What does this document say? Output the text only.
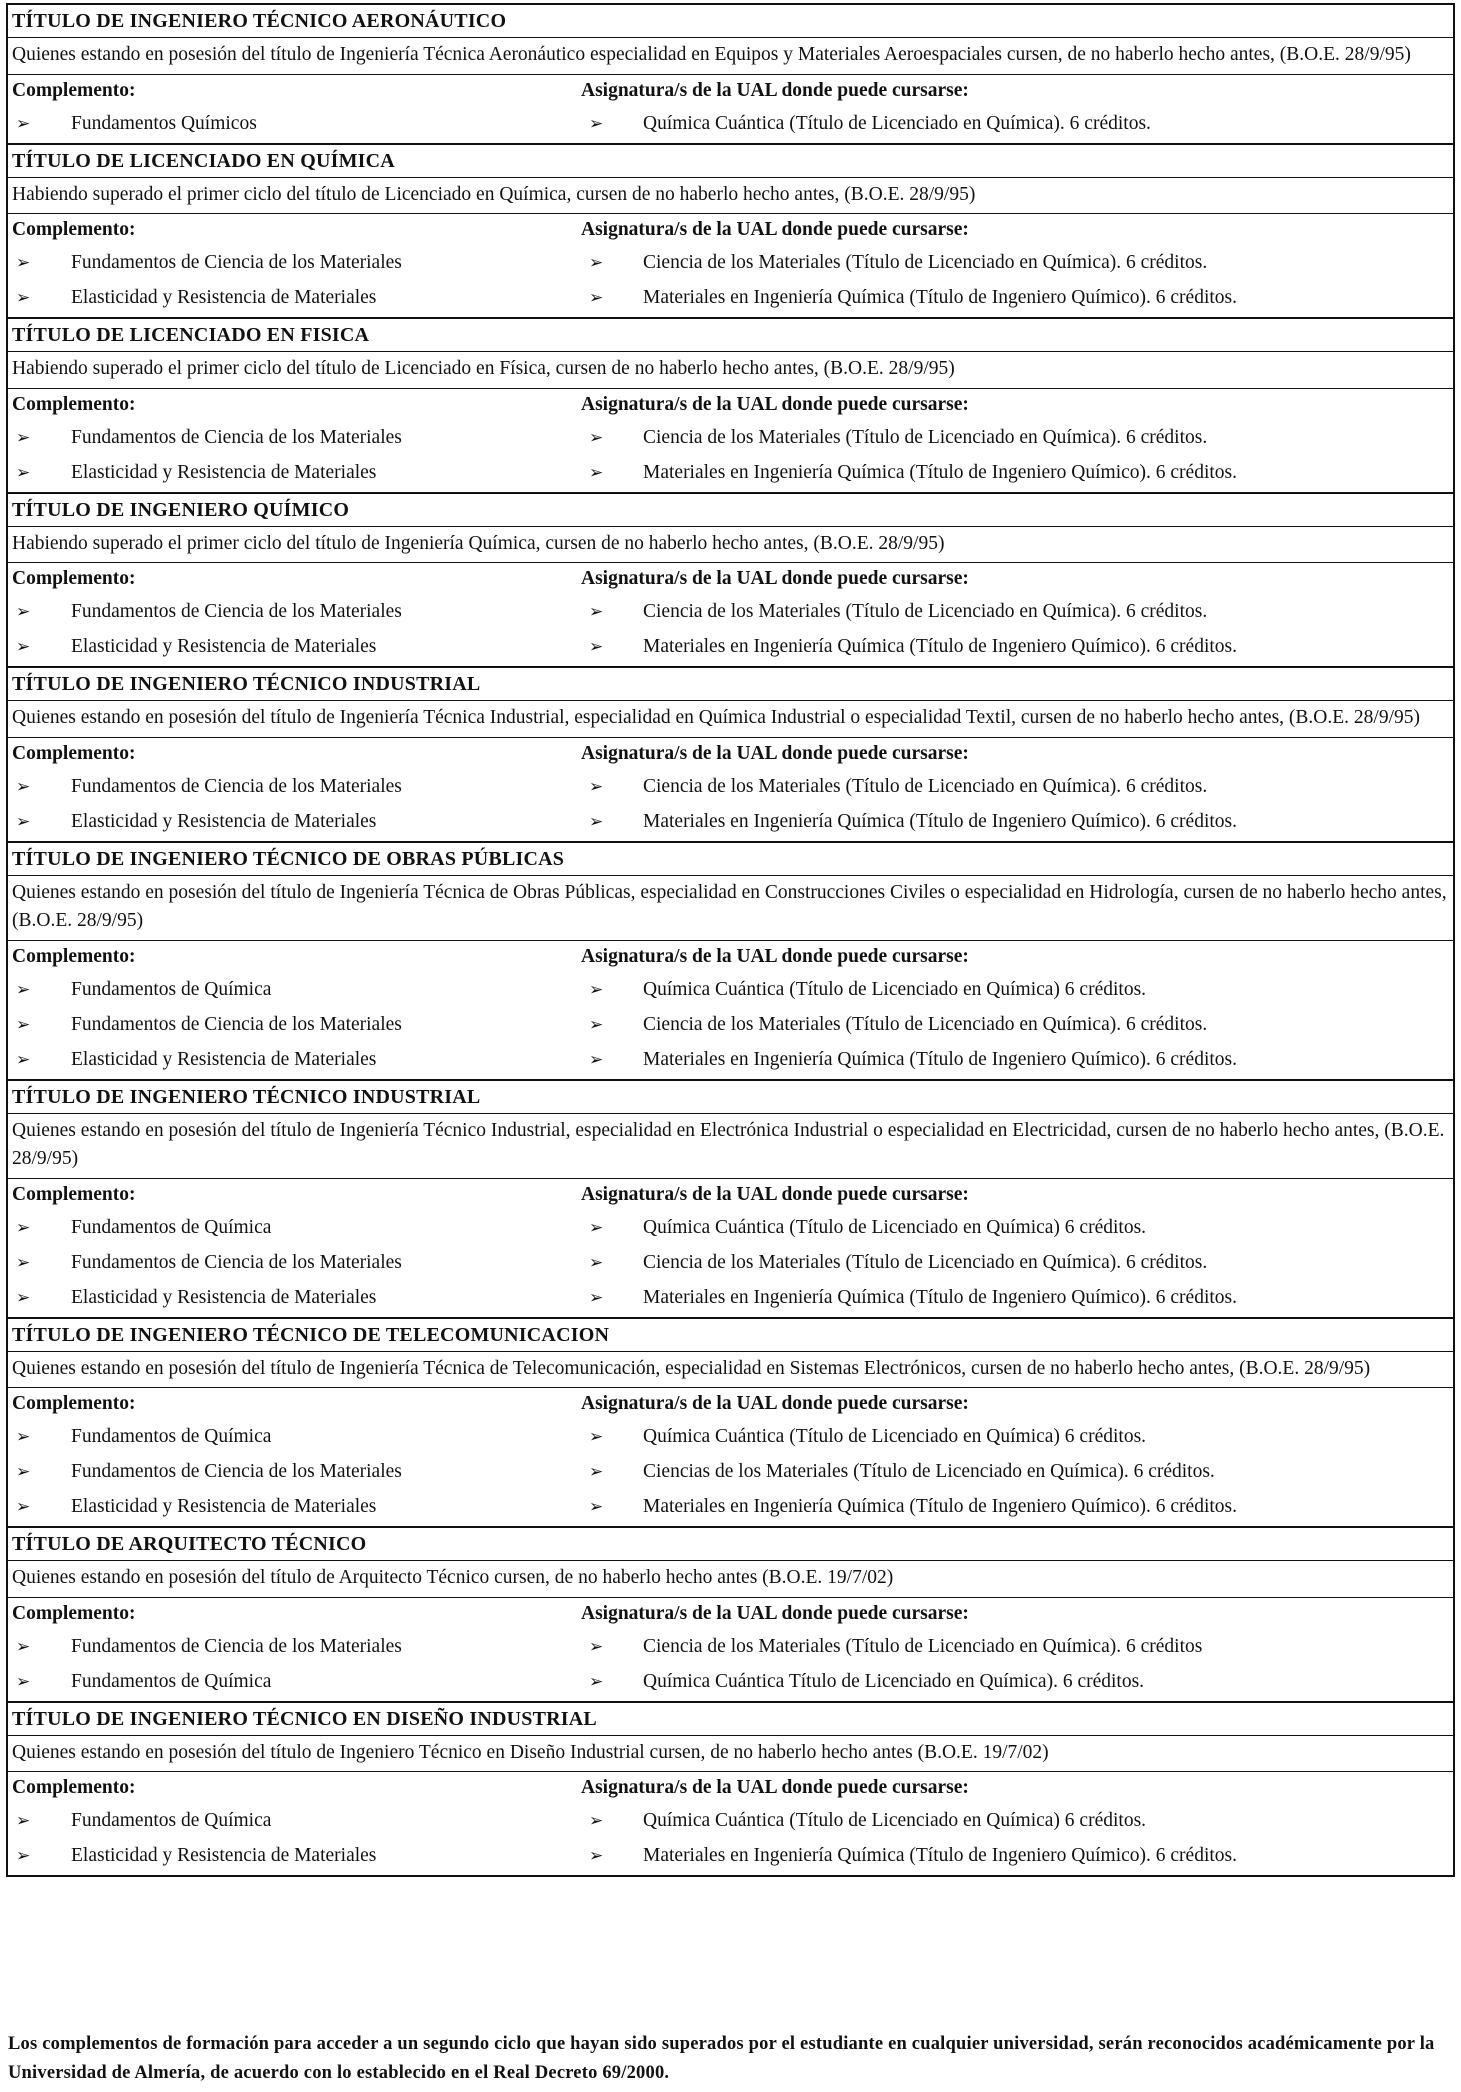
TÍTULO DE INGENIERO TÉCNICO AERONÁUTICO
Quienes estando en posesión del título de Ingeniería Técnica Aeronáutico especialidad en Equipos y Materiales Aeroespaciales cursen, de no haberlo hecho antes, (B.O.E. 28/9/95)
Complemento:	Asignatura/s de la UAL donde puede cursarse:
➢ Fundamentos Químicos	➢ Química Cuántica (Título de Licenciado en Química). 6 créditos.
TÍTULO DE LICENCIADO EN QUÍMICA
Habiendo superado el primer ciclo del título de Licenciado en Química, cursen de no haberlo hecho antes, (B.O.E. 28/9/95)
Complemento:	Asignatura/s de la UAL donde puede cursarse:
➢ Fundamentos de Ciencia de los Materiales	➢ Ciencia de los Materiales (Título de Licenciado en Química). 6 créditos.
➢ Elasticidad y Resistencia de Materiales	➢ Materiales en Ingeniería Química (Título de Ingeniero Químico). 6 créditos.
TÍTULO DE LICENCIADO EN FISICA
Habiendo superado el primer ciclo del título de Licenciado en Física, cursen de no haberlo hecho antes, (B.O.E. 28/9/95)
Complemento:	Asignatura/s de la UAL donde puede cursarse:
➢ Fundamentos de Ciencia de los Materiales	➢ Ciencia de los Materiales (Título de Licenciado en Química). 6 créditos.
➢ Elasticidad y Resistencia de Materiales	➢ Materiales en Ingeniería Química (Título de Ingeniero Químico). 6 créditos.
TÍTULO DE INGENIERO QUÍMICO
Habiendo superado el primer ciclo del título de Ingeniería Química, cursen de no haberlo hecho antes, (B.O.E. 28/9/95)
Complemento:	Asignatura/s de la UAL donde puede cursarse:
➢ Fundamentos de Ciencia de los Materiales	➢ Ciencia de los Materiales (Título de Licenciado en Química). 6 créditos.
➢ Elasticidad y Resistencia de Materiales	➢ Materiales en Ingeniería Química (Título de Ingeniero Químico). 6 créditos.
TÍTULO DE INGENIERO TÉCNICO INDUSTRIAL
Quienes estando en posesión del título de Ingeniería Técnica Industrial, especialidad en Química Industrial o especialidad Textil, cursen de no haberlo hecho antes, (B.O.E. 28/9/95)
Complemento:	Asignatura/s de la UAL donde puede cursarse:
➢ Fundamentos de Ciencia de los Materiales	➢ Ciencia de los Materiales (Título de Licenciado en Química). 6 créditos.
➢ Elasticidad y Resistencia de Materiales	➢ Materiales en Ingeniería Química (Título de Ingeniero Químico). 6 créditos.
TÍTULO DE INGENIERO TÉCNICO DE OBRAS PÚBLICAS
Quienes estando en posesión del título de Ingeniería Técnica de Obras Públicas, especialidad en Construcciones Civiles o especialidad en Hidrología, cursen de no haberlo hecho antes, (B.O.E. 28/9/95)
Complemento:	Asignatura/s de la UAL donde puede cursarse:
➢ Fundamentos de Química	➢ Química Cuántica (Título de Licenciado en Química) 6 créditos.
➢ Fundamentos de Ciencia de los Materiales	➢ Ciencia de los Materiales (Título de Licenciado en Química). 6 créditos.
➢ Elasticidad y Resistencia de Materiales	➢ Materiales en Ingeniería Química (Título de Ingeniero Químico). 6 créditos.
TÍTULO DE INGENIERO TÉCNICO INDUSTRIAL
Quienes estando en posesión del título de Ingeniería Técnico Industrial, especialidad en Electrónica Industrial o especialidad en Electricidad, cursen de no haberlo hecho antes, (B.O.E. 28/9/95)
Complemento:	Asignatura/s de la UAL donde puede cursarse:
➢ Fundamentos de Química	➢ Química Cuántica (Título de Licenciado en Química) 6 créditos.
➢ Fundamentos de Ciencia de los Materiales	➢ Ciencia de los Materiales (Título de Licenciado en Química). 6 créditos.
➢ Elasticidad y Resistencia de Materiales	➢ Materiales en Ingeniería Química (Título de Ingeniero Químico). 6 créditos.
TÍTULO DE INGENIERO TÉCNICO DE TELECOMUNICACION
Quienes estando en posesión del título de Ingeniería Técnica de Telecomunicación, especialidad en Sistemas Electrónicos, cursen de no haberlo hecho antes, (B.O.E. 28/9/95)
Complemento:	Asignatura/s de la UAL donde puede cursarse:
➢ Fundamentos de Química	➢ Química Cuántica (Título de Licenciado en Química) 6 créditos.
➢ Fundamentos de Ciencia de los Materiales	➢ Ciencias de los Materiales (Título de Licenciado en Química). 6 créditos.
➢ Elasticidad y Resistencia de Materiales	➢ Materiales en Ingeniería Química (Título de Ingeniero Químico). 6 créditos.
TÍTULO DE ARQUITECTO TÉCNICO
Quienes estando en posesión del título de Arquitecto Técnico cursen, de no haberlo hecho antes (B.O.E. 19/7/02)
Complemento:	Asignatura/s de la UAL donde puede cursarse:
➢ Fundamentos de Ciencia de los Materiales	➢ Ciencia de los Materiales (Título de Licenciado en Química). 6 créditos
➢ Fundamentos de Química	➢ Química Cuántica Título de Licenciado en Química). 6 créditos.
TÍTULO DE INGENIERO TÉCNICO EN DISEÑO INDUSTRIAL
Quienes estando en posesión del título de Ingeniero Técnico en Diseño Industrial cursen, de no haberlo hecho antes (B.O.E. 19/7/02)
Complemento:	Asignatura/s de la UAL donde puede cursarse:
➢ Fundamentos de Química	➢ Química Cuántica (Título de Licenciado en Química) 6 créditos.
➢ Elasticidad y Resistencia de Materiales	➢ Materiales en Ingeniería Química (Título de Ingeniero Químico). 6 créditos.
Los complementos de formación para acceder a un segundo ciclo que hayan sido superados por el estudiante en cualquier universidad, serán reconocidos académicamente por la Universidad de Almería, de acuerdo con lo establecido en el Real Decreto 69/2000.
